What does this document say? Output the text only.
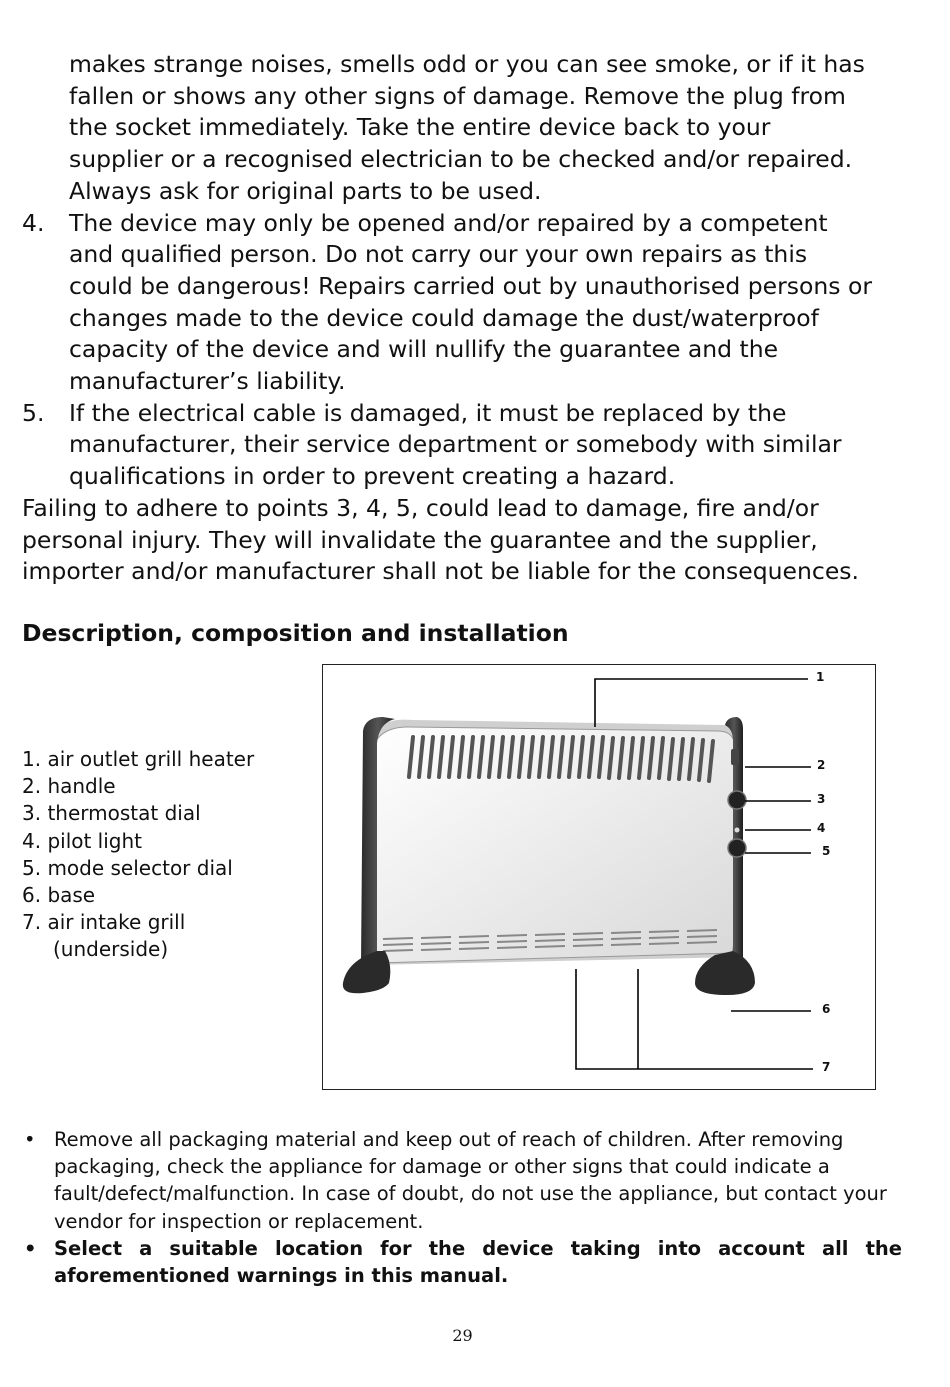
makes strange noises, smells odd or you can see smoke, or if it has
fallen or shows any other signs of damage. Remove the plug from
the socket immediately. Take the entire device back to your
supplier or a recognised electrician to be checked and/or repaired.
Always ask for original parts to be used.
4. The device may only be opened and/or repaired by a competent
and qualified person. Do not carry our your own repairs as this
could be dangerous! Repairs carried out by unauthorised persons or
changes made to the device could damage the dust/waterproof
capacity of the device and will nullify the guarantee and the
manufacturer’s liability.
5. If the electrical cable is damaged, it must be replaced by the
manufacturer, their service department or somebody with similar
qualifications in order to prevent creating a hazard.
Failing to adhere to points 3, 4, 5, could lead to damage, fire and/or
personal injury. They will invalidate the guarantee and the supplier,
importer and/or manufacturer shall not be liable for the consequences.
Description, composition and installation
1. air outlet grill heater
2. handle
3. thermostat dial
4. pilot light
5. mode selector dial
6. base
7. air intake grill
(underside)
1
2
3
4
5
6
7
• Remove all packaging material and keep out of reach of children. After removing packaging, check the appliance for damage or other signs that could indicate a fault/defect/malfunction. In case of doubt, do not use the appliance, but contact your vendor for inspection or replacement.
• Select a suitable location for the device taking into account all the aforementioned warnings in this manual.
29
